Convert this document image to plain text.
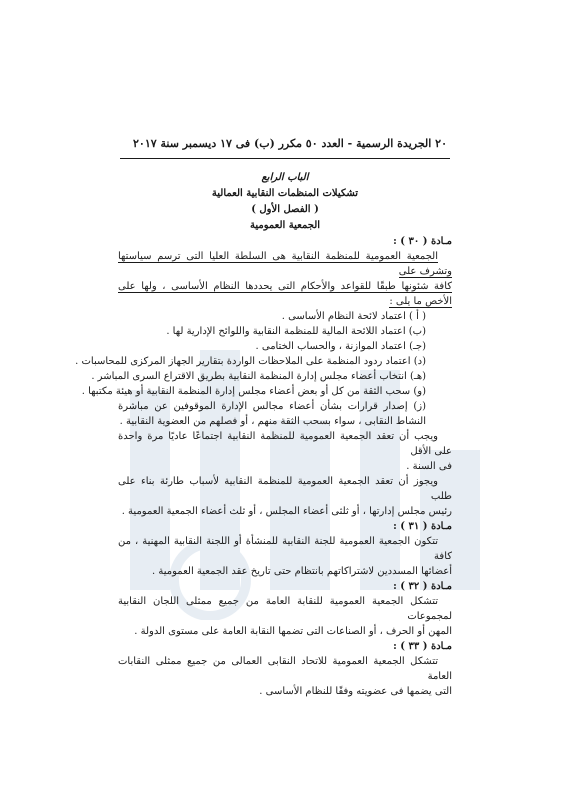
٢٠ الجريدة الرسمية - العدد ٥٠ مكرر (ب) فى ١٧ ديسمبر سنة ٢٠١٧
الباب الرابع
تشكيلات المنظمات النقابية العمالية
( الفصل الأول )
الجمعية العمومية

مـادة ( ٣٠ ) :

الجمعية العمومية للمنظمة النقابية هى السلطة العليا التى ترسم سياستها وتشرف على

كافة شئونها طبقًا للقواعد والأحكام التى يحددها النظام الأساسى ، ولها على الأخص ما يلى :

( أ ) اعتماد لائحة النظام الأساسى .

(ب) اعتماد اللائحة المالية للمنظمة النقابية واللوائح الإدارية لها .

(جـ) اعتماد الموازنة ، والحساب الختامى .

(د) اعتماد ردود المنظمة على الملاحظات الواردة بتقارير الجهاز المركزى للمحاسبات .

(هـ) انتخاب أعضاء مجلس إدارة المنظمة النقابية بطريق الاقتراع السرى المباشر .

(و) سحب الثقة من كل أو بعض أعضاء مجلس إدارة المنظمة النقابية أو هيئة مكتبها .

(ز) إصدار قرارات بشأن أعضاء مجالس الإدارة الموقوفين عن مباشرة النشاط النقابى ، سواء بسحب الثقة منهم ، أو فصلهم من العضوية النقابية .

ويجب أن تعقد الجمعية العمومية للمنظمة النقابية اجتماعًا عاديًا مرة واحدة على الأقل

فى السنة .

ويجوز أن تعقد الجمعية العمومية للمنظمة النقابية لأسباب طارئة بناء على طلب

رئيس مجلس إدارتها ، أو ثلثى أعضاء المجلس ، أو ثلث أعضاء الجمعية العمومية .

مـادة ( ٣١ ) :

تتكون الجمعية العمومية للجنة النقابية للمنشأة أو اللجنة النقابية المهنية ، من كافة

أعضائها المسددين لاشتراكاتهم بانتظام حتى تاريخ عقد الجمعية العمومية .

مـادة ( ٣٢ ) :

تتشكل الجمعية العمومية للنقابة العامة من جميع ممثلى اللجان النقابية لمجموعات

المهن أو الحرف ، أو الصناعات التى تضمها النقابة العامة على مستوى الدولة .

مـادة ( ٣٣ ) :

تتشكل الجمعية العمومية للاتحاد النقابى العمالى من جميع ممثلى النقابات العامة

التى يضمها فى عضويته وفقًا للنظام الأساسى .
